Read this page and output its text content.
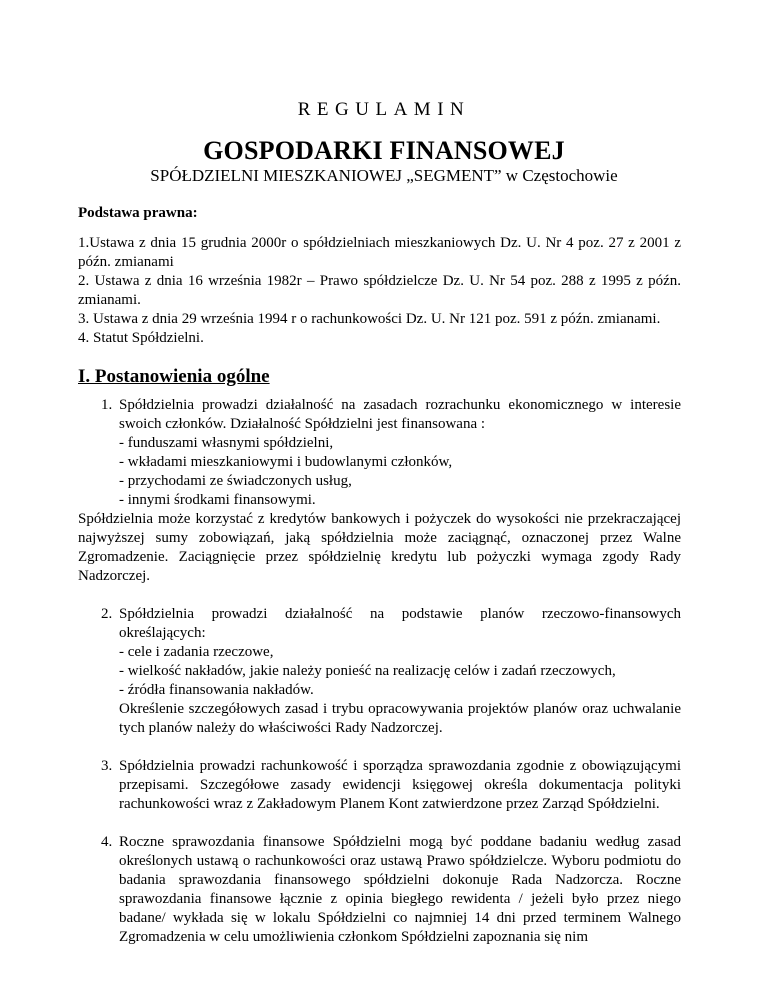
REGULAMIN
GOSPODARKI FINANSOWEJ
SPÓŁDZIELNI MIESZKANIOWEJ „SEGMENT” w Częstochowie
Podstawa prawna:

1.Ustawa z dnia 15 grudnia 2000r o spółdzielniach mieszkaniowych Dz. U. Nr 4 poz. 27 z 2001 z późn. zmianami

2. Ustawa z dnia 16 września 1982r – Prawo spółdzielcze Dz. U. Nr 54 poz. 288 z 1995 z późn. zmianami.

3. Ustawa z dnia 29 września 1994 r o rachunkowości Dz. U. Nr 121 poz. 591 z późn. zmianami.

4. Statut Spółdzielni.

I. Postanowienia ogólne
1. Spółdzielnia prowadzi działalność na zasadach rozrachunku ekonomicznego w interesie swoich członków. Działalność Spółdzielni jest finansowana :
- funduszami własnymi spółdzielni,
- wkładami mieszkaniowymi i budowlanymi członków,
- przychodami ze świadczonych usług,
- innymi środkami finansowymi.

Spółdzielnia może korzystać z kredytów bankowych i pożyczek do wysokości nie przekraczającej najwyższej sumy zobowiązań, jaką spółdzielnia może zaciągnąć, oznaczonej przez Walne Zgromadzenie. Zaciągnięcie przez spółdzielnię kredytu lub pożyczki wymaga zgody Rady Nadzorczej.

2. Spółdzielnia prowadzi działalność na podstawie planów rzeczowo-finansowych określających:
- cele i zadania rzeczowe,
- wielkość nakładów, jakie należy ponieść na realizację celów i zadań rzeczowych,
- źródła finansowania nakładów.
Określenie szczegółowych zasad i trybu opracowywania projektów planów oraz uchwalanie tych planów należy do właściwości Rady Nadzorczej.
3. Spółdzielnia prowadzi rachunkowość i sporządza sprawozdania zgodnie z obowiązującymi przepisami. Szczegółowe zasady ewidencji księgowej określa dokumentacja polityki rachunkowości wraz z Zakładowym Planem Kont zatwierdzone przez Zarząd Spółdzielni.
4. Roczne sprawozdania finansowe Spółdzielni mogą być poddane badaniu według zasad określonych ustawą o rachunkowości oraz ustawą Prawo spółdzielcze. Wyboru podmiotu do badania sprawozdania finansowego spółdzielni dokonuje Rada Nadzorcza. Roczne sprawozdania finansowe łącznie z opinia biegłego rewidenta / jeżeli było przez niego badane/ wykłada się w lokalu Spółdzielni co najmniej 14 dni przed terminem Walnego Zgromadzenia w celu umożliwienia członkom Spółdzielni zapoznania się nim
